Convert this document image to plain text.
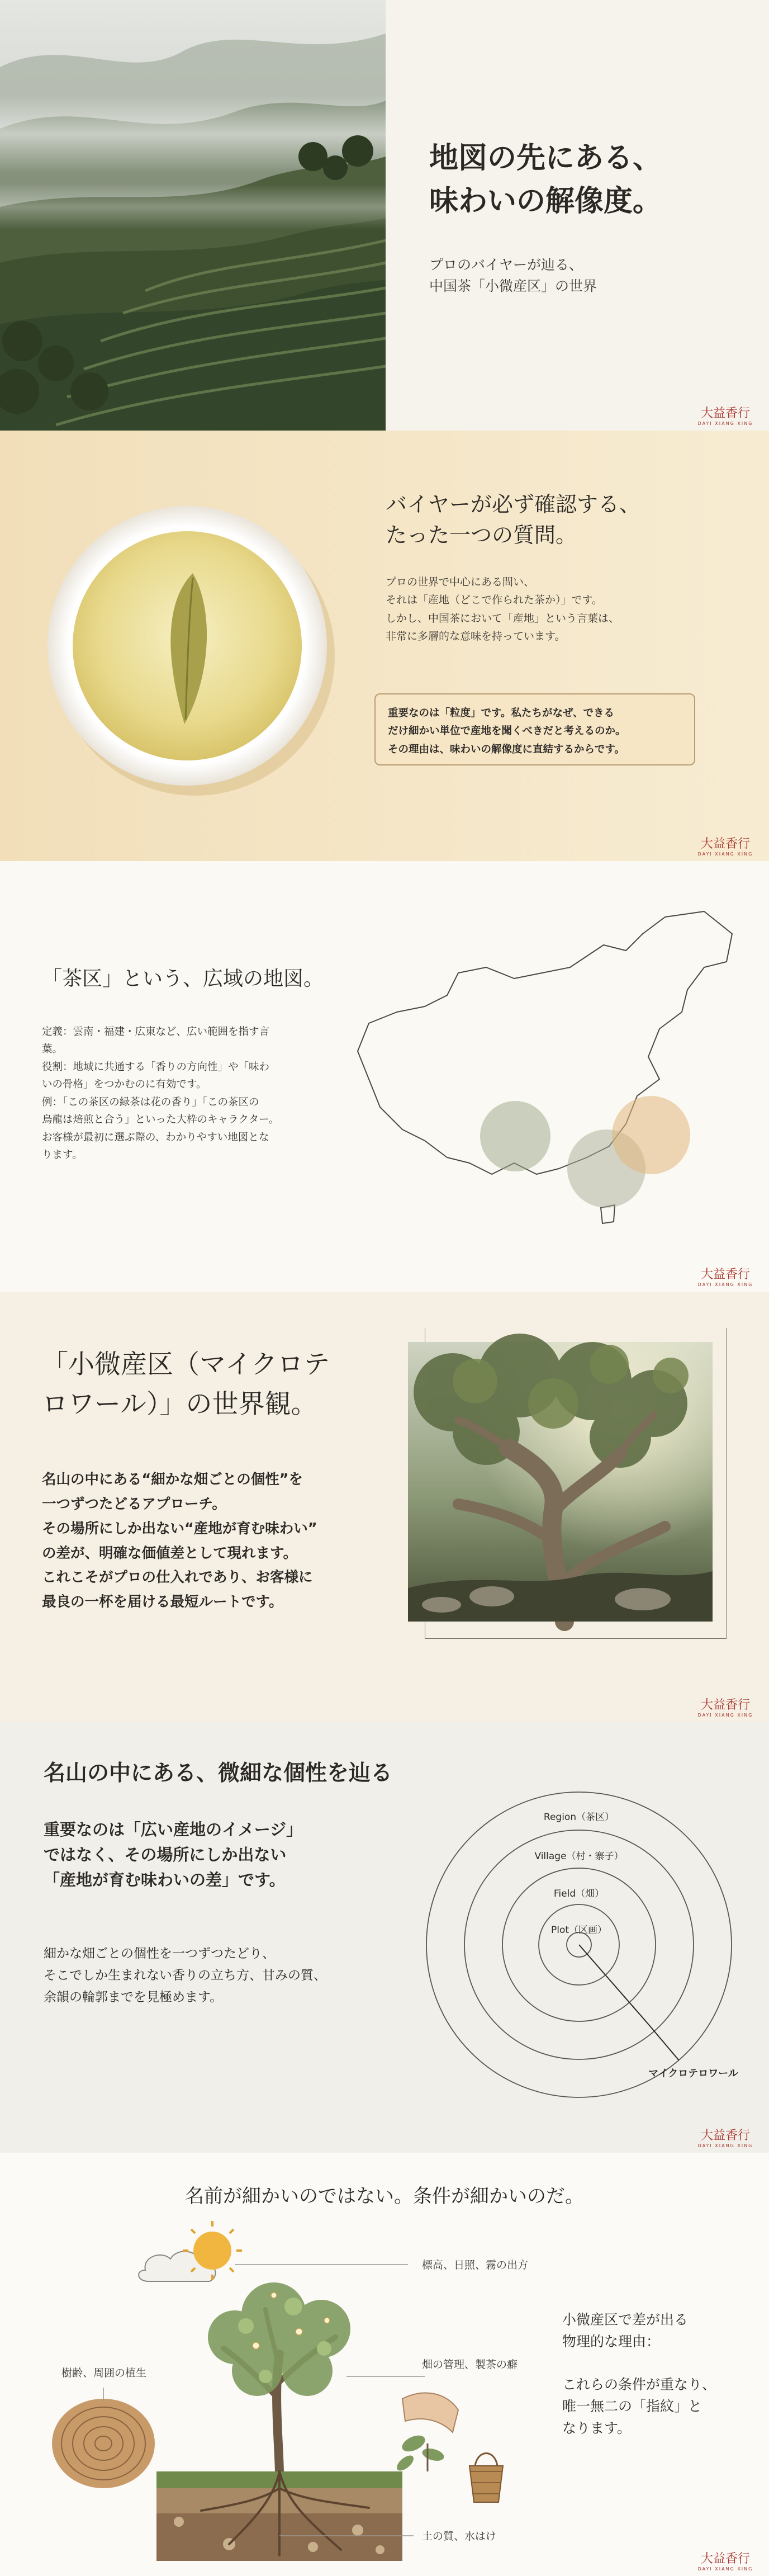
地図の先にある、
味わいの解像度。
プロのバイヤーが辿る、
中国茶「小微産区」の世界
大益香行
DAYI XIANG XING
バイヤーが必ず確認する、
たった一つの質問。
プロの世界で中心にある問い、
それは「産地（どこで作られた茶か）」です。
しかし、中国茶において「産地」という言葉は、
非常に多層的な意味を持っています。
重要なのは「粒度」です。私たちがなぜ、できる
だけ細かい単位で産地を聞くべきだと考えるのか。
その理由は、味わいの解像度に直結するからです。
大益香行
DAYI XIANG XING
「茶区」という、広域の地図。
定義：雲南・福建・広東など、広い範囲を指す言
葉。
役割：地域に共通する「香りの方向性」や「味わ
いの骨格」をつかむのに有効です。
例：「この茶区の緑茶は花の香り」「この茶区の
烏龍は焙煎と合う」といった大枠のキャラクター。
お客様が最初に選ぶ際の、わかりやすい地図とな
ります。
大益香行
DAYI XIANG XING
「小微産区（マイクロテ
ロワール）」の世界観。
名山の中にある“細かな畑ごとの個性”を
一つずつたどるアプローチ。
その場所にしか出ない“産地が育む味わい”
の差が、明確な価値差として現れます。
これこそがプロの仕入れであり、お客様に
最良の一杯を届ける最短ルートです。
大益香行
DAYI XIANG XING
名山の中にある、微細な個性を辿る
重要なのは「広い産地のイメージ」
ではなく、その場所にしか出ない
「産地が育む味わいの差」です。
細かな畑ごとの個性を一つずつたどり、
そこでしか生まれない香りの立ち方、甘みの質、
余韻の輪郭までを見極めます。
Region（茶区）
Village（村・寨子）
Field（畑）
Plot（区画）
マイクロテロワール
大益香行
DAYI XIANG XING
名前が細かいのではない。条件が細かいのだ。
標高、日照、霧の出方
土の質、水はけ
樹齢、周囲の植生
畑の管理、製茶の癖
小微産区で差が出る
物理的な理由：

これらの条件が重なり、
唯一無二の「指紋」と
なります。
大益香行
DAYI XIANG XING
